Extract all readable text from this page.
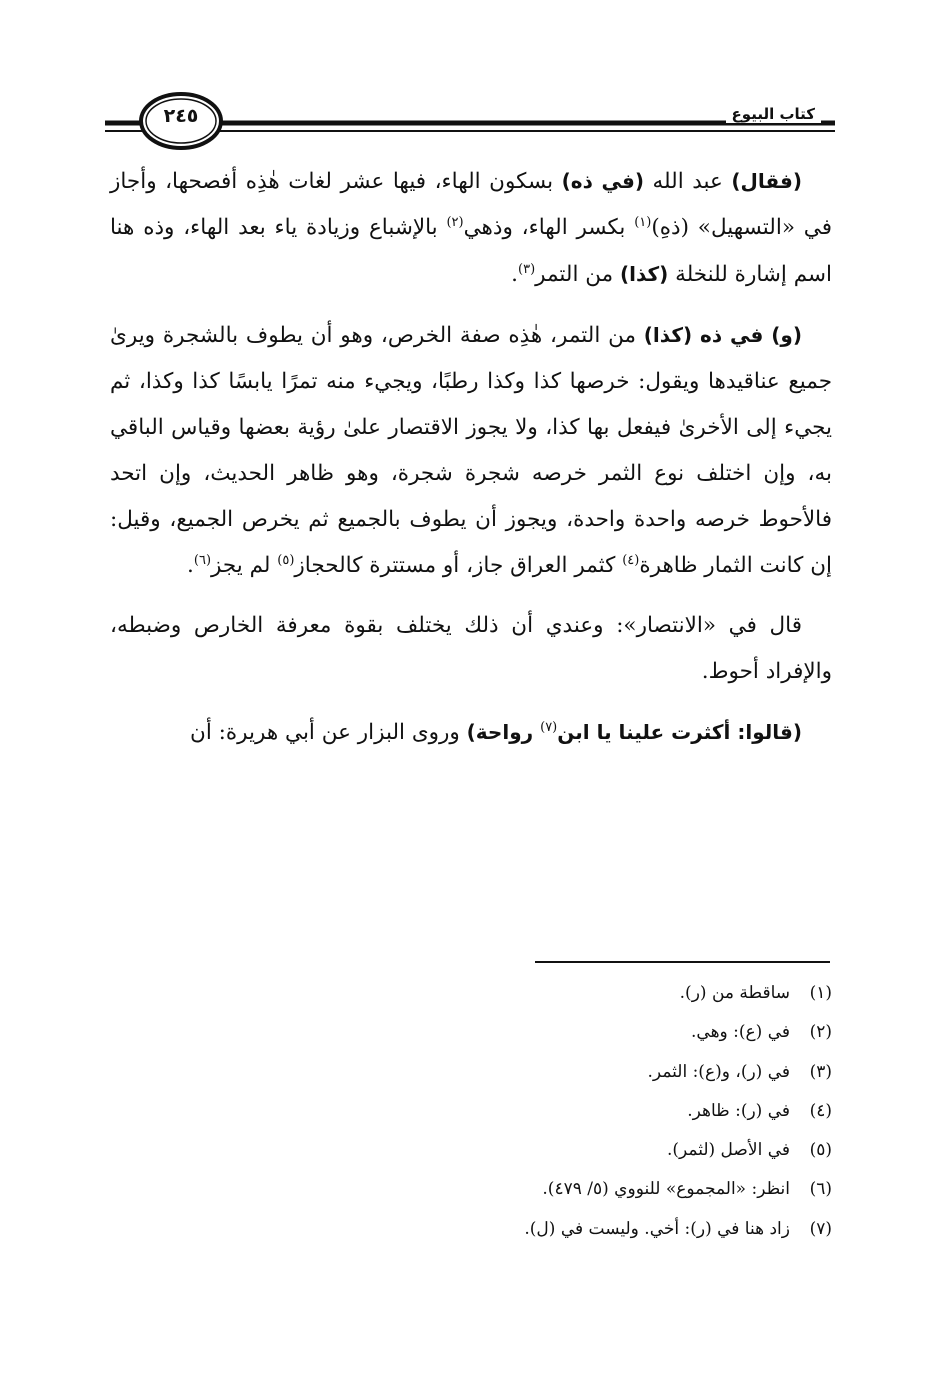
٢٤٥	كتاب البيوع

(فقال) عبد الله (في ذه) بسكون الهاء، فيها عشر لغات هٰذِه أفصحها، وأجاز في «التسهيل» (ذهِ)$^{(١)}$ بكسر الهاء، وذهي$^{(٢)}$ بالإشباع وزيادة ياء بعد الهاء، وذه هنا اسم إشارة للنخلة (كذا) من التمر$^{(٣)}$.

(و) في ذه (كذا) من التمر، هٰذِه صفة الخرص، وهو أن يطوف بالشجرة ويرىٰ جميع عناقيدها ويقول: خرصها كذا وكذا رطبًا، ويجيء منه تمرًا يابسًا كذا وكذا، ثم يجيء إلى الأخرىٰ فيفعل بها كذا، ولا يجوز الاقتصار علىٰ رؤية بعضها وقياس الباقي به، وإن اختلف نوع الثمر خرصه شجرة شجرة، وهو ظاهر الحديث، وإن اتحد فالأحوط خرصه واحدة واحدة، ويجوز أن يطوف بالجميع ثم يخرص الجميع، وقيل: إن كانت الثمار ظاهرة$^{(٤)}$ كثمر العراق جاز، أو مستترة كالحجاز$^{(٥)}$ لم يجز$^{(٦)}$.

قال في «الانتصار»: وعندي أن ذلك يختلف بقوة معرفة الخارص وضبطه، والإفراد أحوط.

(قالوا: أكثرت علينا يا ابن$^{(٧)}$ رواحة) وروى البزار عن أبي هريرة: أن

(١)ساقطة من (ر).
(٢)في (ع): وهي.
(٣)في (ر)، و(ع): الثمر.
(٤)في (ر): ظاهر.
(٥)في الأصل (لثمر).
(٦)انظر: «المجموع» للنووي (٥/ ٤٧٩).
(٧)زاد هنا في (ر): أخي. وليست في (ل).
